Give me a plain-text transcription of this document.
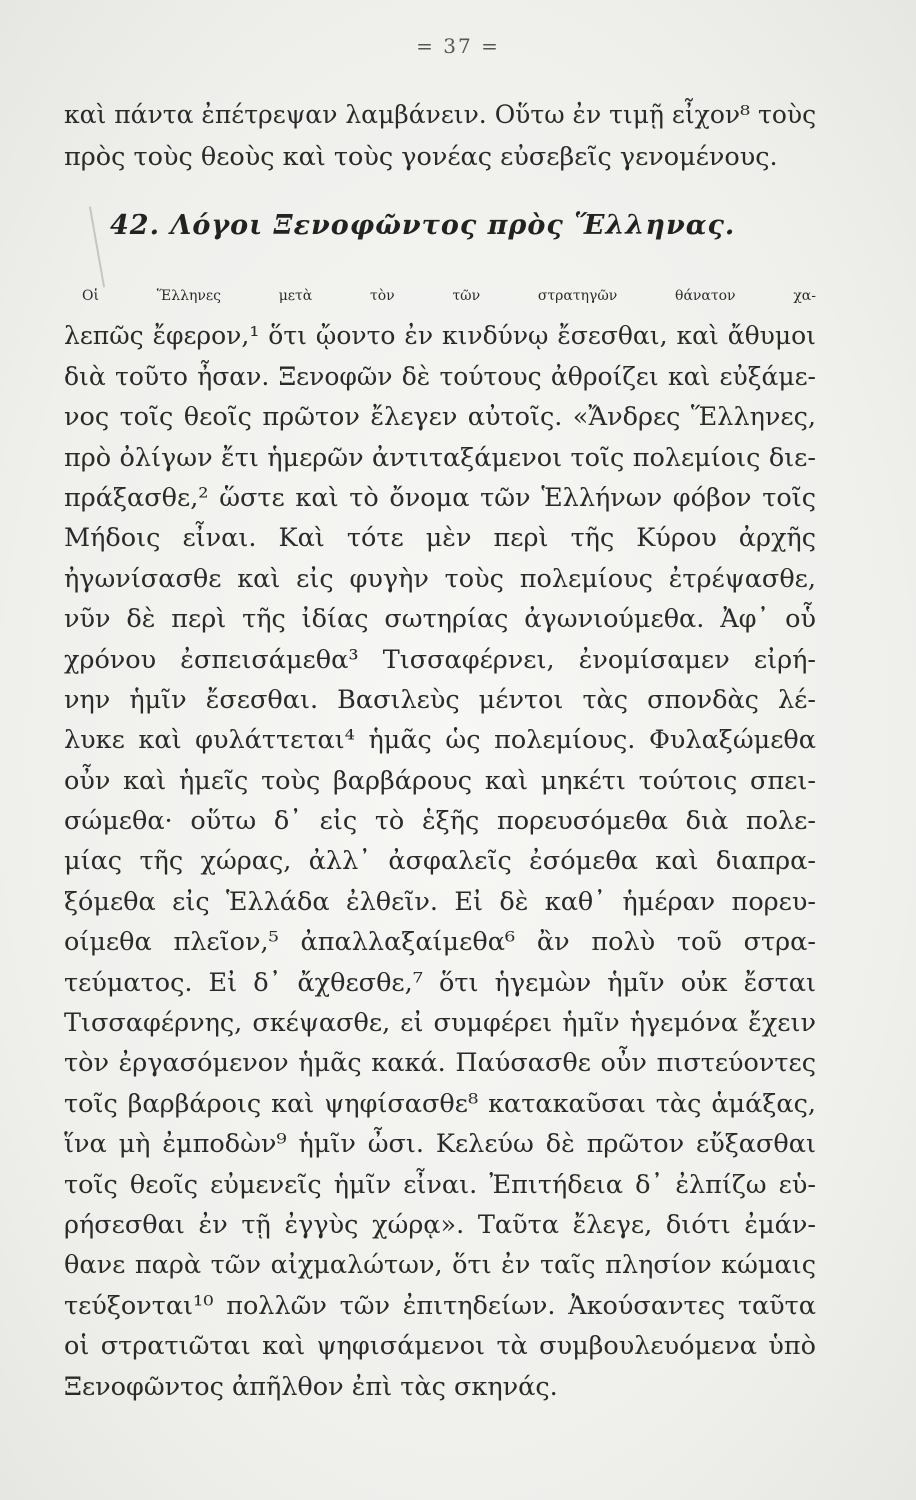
= 37 =
καὶ πάντα ἐπέτρεψαν λαμβάνειν. Οὕτω ἐν τιμῇ εἶχον⁸ τοὺς
πρὸς τοὺς θεοὺς καὶ τοὺς γονέας εὐσεβεῖς γενομένους.
42. Λόγοι Ξενοφῶντος πρὸς Ἕλληνας.
Οἱ Ἕλληνες μετὰ τὸν τῶν στρατηγῶν θάνατον χα-
λεπῶς ἔφερον,¹ ὅτι ᾤοντο ἐν κινδύνῳ ἔσεσθαι, καὶ ἄθυμοι
διὰ τοῦτο ἦσαν. Ξενοφῶν δὲ τούτους ἀθροίζει καὶ εὐξάμε-
νος τοῖς θεοῖς πρῶτον ἔλεγεν αὐτοῖς. «Ἄνδρες Ἕλληνες,
πρὸ ὀλίγων ἔτι ἡμερῶν ἀντιταξάμενοι τοῖς πολεμίοις διε-
πράξασθε,² ὥστε καὶ τὸ ὄνομα τῶν Ἑλλήνων φόβον τοῖς
Μήδοις εἶναι. Καὶ τότε μὲν περὶ τῆς Κύρου ἀρχῆς
ἠγωνίσασθε καὶ εἰς φυγὴν τοὺς πολεμίους ἐτρέψασθε,
νῦν δὲ περὶ τῆς ἰδίας σωτηρίας ἀγωνιούμεθα. Ἀφ᾿ οὗ
χρόνου ἐσπεισάμεθα³ Τισσαφέρνει, ἐνομίσαμεν εἰρή-
νην ἡμῖν ἔσεσθαι. Βασιλεὺς μέντοι τὰς σπονδὰς λέ-
λυκε καὶ φυλάττεται⁴ ἡμᾶς ὡς πολεμίους. Φυλαξώμεθα
οὖν καὶ ἡμεῖς τοὺς βαρβάρους καὶ μηκέτι τούτοις σπει-
σώμεθα· οὕτω δ᾿ εἰς τὸ ἑξῆς πορευσόμεθα διὰ πολε-
μίας τῆς χώρας, ἀλλ᾿ ἀσφαλεῖς ἐσόμεθα καὶ διαπρα-
ξόμεθα εἰς Ἑλλάδα ἐλθεῖν. Εἰ δὲ καθ᾿ ἡμέραν πορευ-
οίμεθα πλεῖον,⁵ ἀπαλλαξαίμεθα⁶ ἂν πολὺ τοῦ στρα-
τεύματος. Εἰ δ᾿ ἄχθεσθε,⁷ ὅτι ἡγεμὼν ἡμῖν οὐκ ἔσται
Τισσαφέρνης, σκέψασθε, εἰ συμφέρει ἡμῖν ἡγεμόνα ἔχειν
τὸν ἐργασόμενον ἡμᾶς κακά. Παύσασθε οὖν πιστεύοντες
τοῖς βαρβάροις καὶ ψηφίσασθε⁸ κατακαῦσαι τὰς ἁμάξας,
ἵνα μὴ ἐμποδὼν⁹ ἡμῖν ὦσι. Κελεύω δὲ πρῶτον εὔξασθαι
τοῖς θεοῖς εὐμενεῖς ἡμῖν εἶναι. Ἐπιτήδεια δ᾿ ἐλπίζω εὑ-
ρήσεσθαι ἐν τῇ ἐγγὺς χώρᾳ». Ταῦτα ἔλεγε, διότι ἐμάν-
θανε παρὰ τῶν αἰχμαλώτων, ὅτι ἐν ταῖς πλησίον κώμαις
τεύξονται¹⁰ πολλῶν τῶν ἐπιτηδείων. Ἀκούσαντες ταῦτα
οἱ στρατιῶται καὶ ψηφισάμενοι τὰ συμβουλευόμενα ὑπὸ
Ξενοφῶντος ἀπῆλθον ἐπὶ τὰς σκηνάς.
